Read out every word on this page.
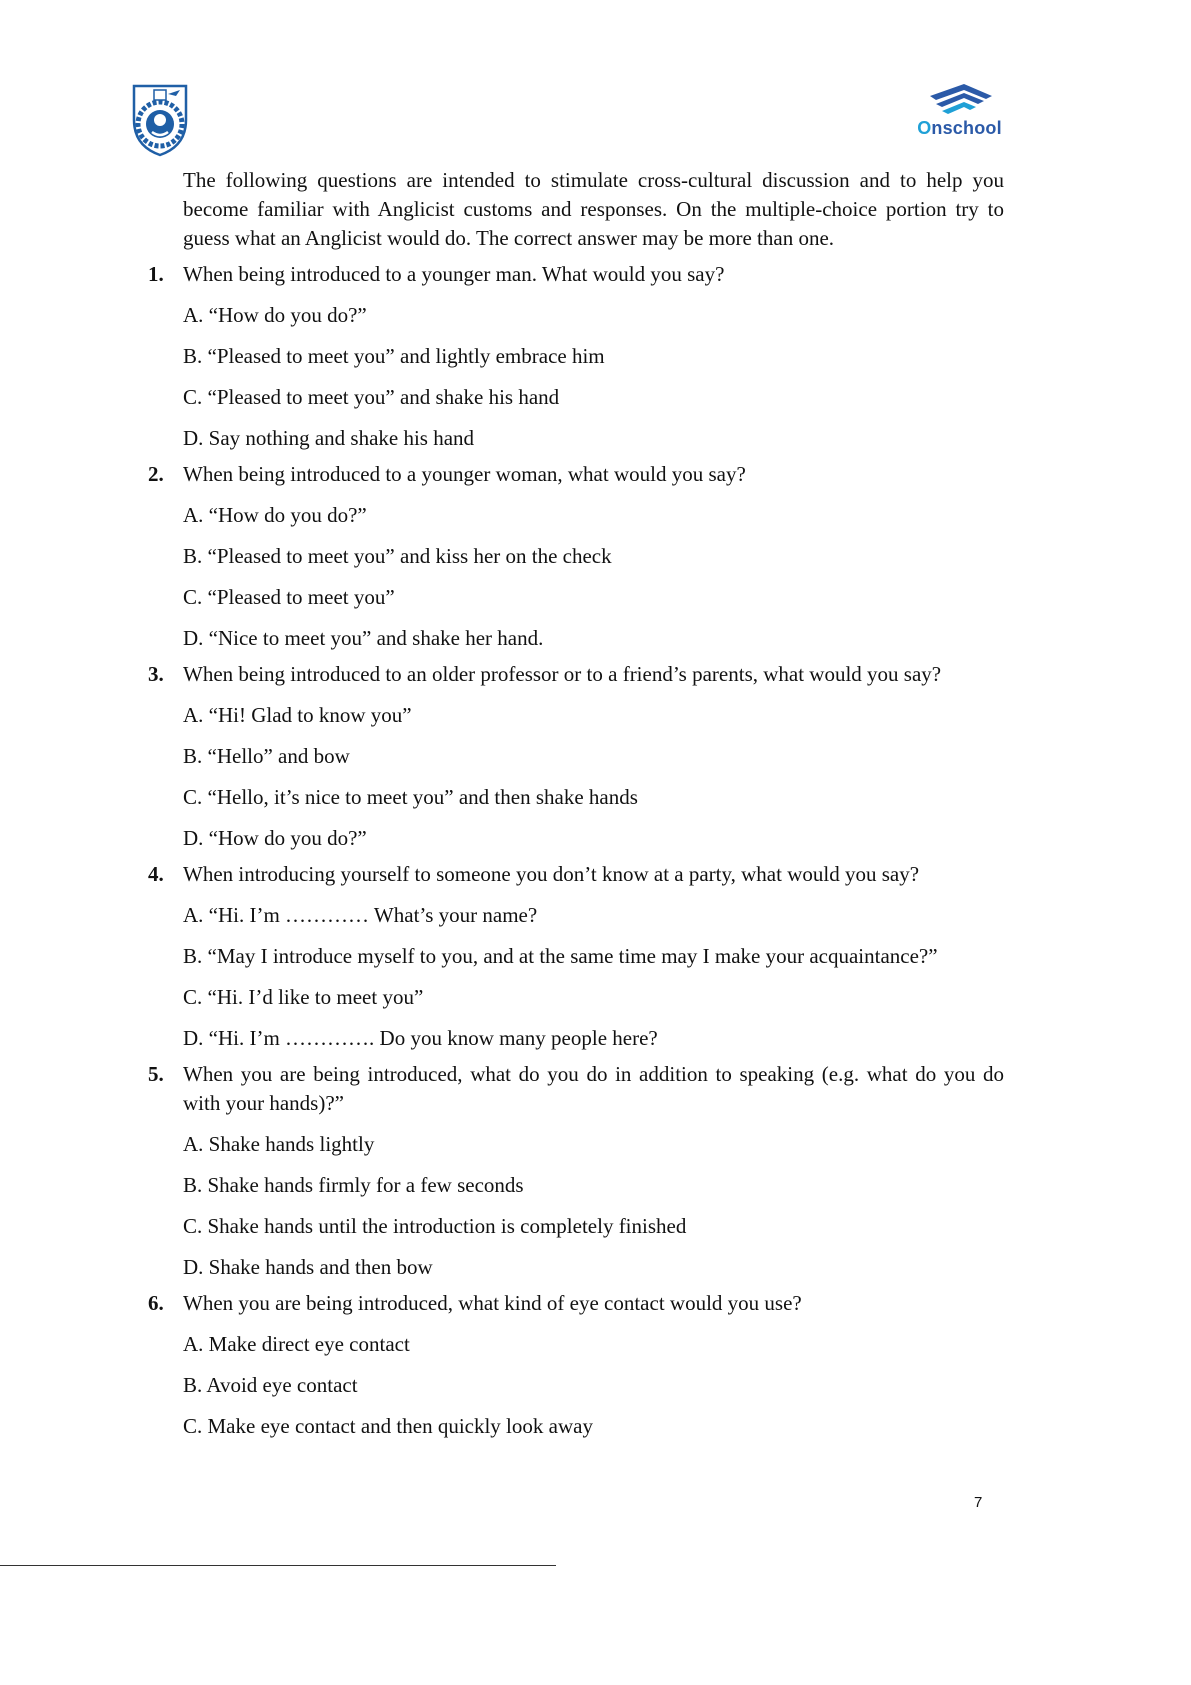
Onschool
The following questions are intended to stimulate cross-cultural discussion and to help you become familiar with Anglicist customs and responses. On the multiple-choice portion try to guess what an Anglicist would do. The correct answer may be more than one.
1. When being introduced to a younger man. What would you say?
A. “How do you do?”
B. “Pleased to meet you” and lightly embrace him
C. “Pleased to meet you” and shake his hand
D. Say nothing and shake his hand
2. When being introduced to a younger woman, what would you say?
A. “How do you do?”
B. “Pleased to meet you” and kiss her on the check
C. “Pleased to meet you”
D. “Nice to meet you” and shake her hand.
3. When being introduced to an older professor or to a friend’s parents, what would you say?
A. “Hi! Glad to know you”
B. “Hello” and bow
C. “Hello, it’s nice to meet you” and then shake hands
D. “How do you do?”
4. When introducing yourself to someone you don’t know at a party, what would you say?
A. “Hi. I’m ………… What’s your name?
B. “May I introduce myself to you, and at the same time may I make your acquaintance?”
C. “Hi. I’d like to meet you”
D. “Hi. I’m …………. Do you know many people here?
5. When you are being introduced, what do you do in addition to speaking (e.g. what do you do with your hands)?”
A. Shake hands lightly
B. Shake hands firmly for a few seconds
C. Shake hands until the introduction is completely finished
D. Shake hands and then bow
6. When you are being introduced, what kind of eye contact would you use?
A. Make direct eye contact
B. Avoid eye contact
C. Make eye contact and then quickly look away
7
